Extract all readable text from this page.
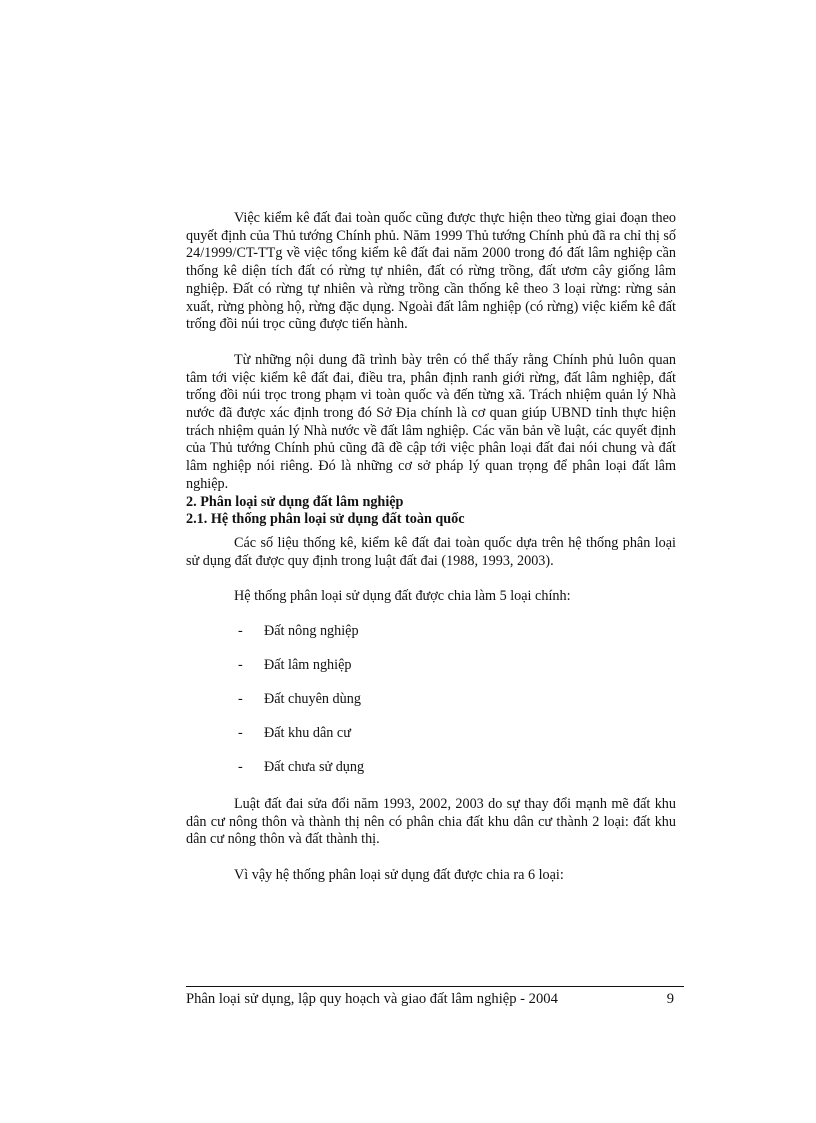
Việc kiểm kê đất đai toàn quốc cũng được thực hiện theo từng giai đoạn theo quyết định của Thủ tướng Chính phủ. Năm 1999 Thủ tướng Chính phủ đã ra chỉ thị số 24/1999/CT-TTg về việc tổng kiểm kê đất đai năm 2000 trong đó đất lâm nghiệp cần thống kê diện tích đất có rừng tự nhiên, đất có rừng trồng, đất ươm cây giống lâm nghiệp. Đất có rừng tự nhiên và rừng trồng cần thống kê theo 3 loại rừng: rừng sản xuất, rừng phòng hộ, rừng đặc dụng. Ngoài đất lâm nghiệp (có rừng) việc kiểm kê đất trống đồi núi trọc cũng được tiến hành.

Từ những nội dung đã trình bày trên có thể thấy rằng Chính phủ luôn quan tâm tới việc kiểm kê đất đai, điều tra, phân định ranh giới rừng, đất lâm nghiệp, đất trống đồi núi trọc trong phạm vi toàn quốc và đến từng xã. Trách nhiệm quản lý Nhà nước đã được xác định trong đó Sở Địa chính là cơ quan giúp UBND tỉnh thực hiện trách nhiệm quản lý Nhà nước về đất lâm nghiệp. Các văn bản về luật, các quyết định của Thủ tướng Chính phủ cũng đã đề cập tới việc phân loại đất đai nói chung và đất lâm nghiệp nói riêng. Đó là những cơ sở pháp lý quan trọng để phân loại đất lâm nghiệp.

2. Phân loại sử dụng đất lâm nghiệp

2.1. Hệ thống phân loại sử dụng đất toàn quốc

Các số liệu thống kê, kiểm kê đất đai toàn quốc dựa trên hệ thống phân loại sử dụng đất được quy định trong luật đất đai (1988, 1993, 2003).

Hệ thống phân loại sử dụng đất được chia làm 5 loại chính:

-	Đất nông nghiệp
-	Đất lâm nghiệp
-	Đất chuyên dùng
-	Đất khu dân cư
-	Đất chưa sử dụng

Luật đất đai sửa đổi năm 1993, 2002, 2003 do sự thay đổi mạnh mẽ đất khu dân cư nông thôn và thành thị nên có phân chia đất khu dân cư thành 2 loại: đất khu dân cư nông thôn và đất thành thị.

Vì vậy hệ thống phân loại sử dụng đất được chia ra 6 loại:

Phân loại sử dụng, lập quy hoạch và giao đất lâm nghiệp - 2004	9
